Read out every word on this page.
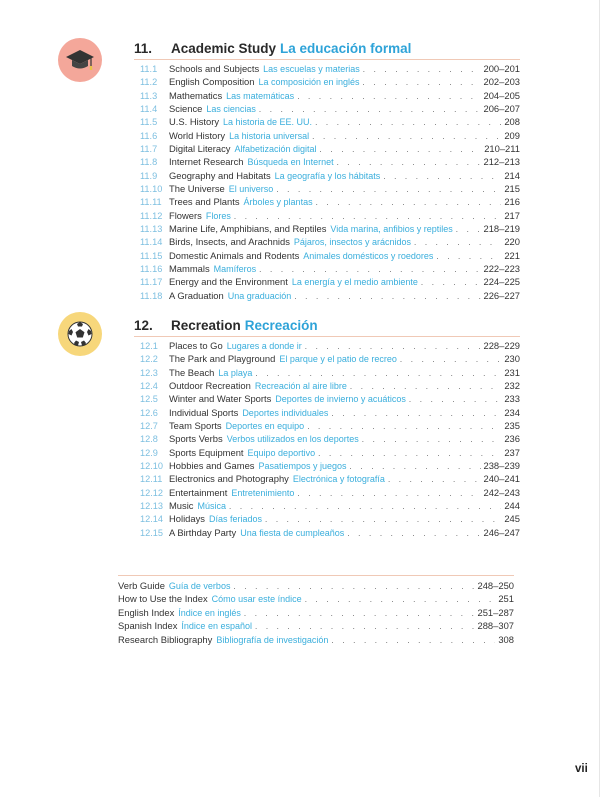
11. Academic Study La educación formal
11.1	Schools and Subjects Las escuelas y materias . . .	200–201
11.2	English Composition La composición en inglés . . .	202–203
11.3	Mathematics Las matemáticas . . .	204–205
11.4	Science Las ciencias . . .	206–207
11.5	U.S. History La historia de EE. UU. . . .	208
11.6	World History La historia universal . . .	209
11.7	Digital Literacy Alfabetización digital . . .	210–211
11.8	Internet Research Búsqueda en Internet . . .	212–213
11.9	Geography and Habitats La geografía y los hábitats . . .	214
11.10 The Universe El universo . . .	215
11.11 Trees and Plants Árboles y plantas . . .	216
11.12 Flowers Flores . . .	217
11.13 Marine Life, Amphibians, and Reptiles Vida marina, anfibios y reptiles . . .	218–219
11.14 Birds, Insects, and Arachnids Pájaros, insectos y arácnidos . . .	220
11.15 Domestic Animals and Rodents Animales domésticos y roedores . . .	221
11.16 Mammals Mamíferos . . .	222–223
11.17 Energy and the Environment La energía y el medio ambiente . . .	224–225
11.18 A Graduation Una graduación . . .	226–227
12. Recreation Recreación
12.1	Places to Go Lugares a donde ir . . .	228–229
12.2	The Park and Playground El parque y el patio de recreo . . .	230
12.3	The Beach La playa . . .	231
12.4	Outdoor Recreation Recreación al aire libre . . .	232
12.5	Winter and Water Sports Deportes de invierno y acuáticos . . .	233
12.6	Individual Sports Deportes individuales . . .	234
12.7	Team Sports Deportes en equipo . . .	235
12.8	Sports Verbs Verbos utilizados en los deportes . . .	236
12.9	Sports Equipment Equipo deportivo . . .	237
12.10 Hobbies and Games Pasatiempos y juegos . . .	238–239
12.11 Electronics and Photography Electrónica y fotografía . . .	240–241
12.12 Entertainment Entretenimiento . . .	242–243
12.13 Music Música . . .	244
12.14 Holidays Días feriados . . .	245
12.15 A Birthday Party Una fiesta de cumpleaños . . .	246–247
Verb Guide Guía de verbos . . .	248–250
How to Use the Index Cómo usar este índice . . .	251
English Index Índice en inglés . . .	251–287
Spanish Index Índice en español . . .	288–307
Research Bibliography Bibliografía de investigación . . .	308
vii
